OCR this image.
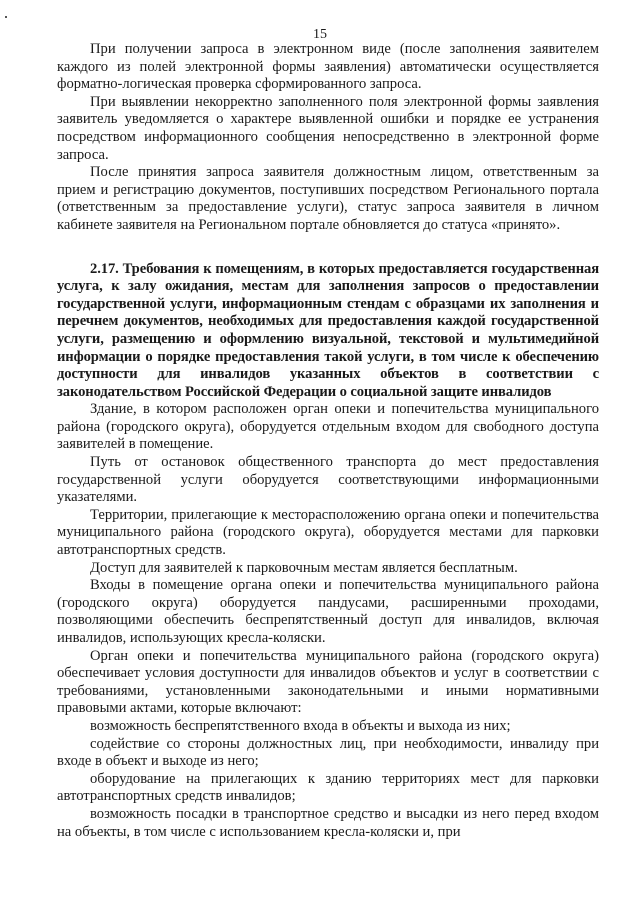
15

При получении запроса в электронном виде (после заполнения заявителем каждого из полей электронной формы заявления) автоматически осуществляется форматно-логическая проверка сформированного запроса.

При выявлении некорректно заполненного поля электронной формы заявления заявитель уведомляется о характере выявленной ошибки и порядке ее устранения посредством информационного сообщения непосредственно в электронной форме запроса.

После принятия запроса заявителя должностным лицом, ответственным за прием и регистрацию документов, поступивших посредством Регионального портала (ответственным за предоставление услуги), статус запроса заявителя в личном кабинете заявителя на Региональном портале обновляется до статуса «принято».

2.17. Требования к помещениям, в которых предоставляется государственная услуга, к залу ожидания, местам для заполнения запросов о предоставлении государственной услуги, информационным стендам с образцами их заполнения и перечнем документов, необходимых для предоставления каждой государственной услуги, размещению и оформлению визуальной, текстовой и мультимедийной информации о порядке предоставления такой услуги, в том числе к обеспечению доступности для инвалидов указанных объектов в соответствии с законодательством Российской Федерации о социальной защите инвалидов

Здание, в котором расположен орган опеки и попечительства муниципального района (городского округа), оборудуется отдельным входом для свободного доступа заявителей в помещение.

Путь от остановок общественного транспорта до мест предоставления государственной услуги оборудуется соответствующими информационными указателями.

Территории, прилегающие к месторасположению органа опеки и попечительства муниципального района (городского округа), оборудуется местами для парковки автотранспортных средств.

Доступ для заявителей к парковочным местам является бесплатным.

Входы в помещение органа опеки и попечительства муниципального района (городского округа) оборудуется пандусами, расширенными проходами, позволяющими обеспечить беспрепятственный доступ для инвалидов, включая инвалидов, использующих кресла-коляски.

Орган опеки и попечительства муниципального района (городского округа) обеспечивает условия доступности для инвалидов объектов и услуг в соответствии с требованиями, установленными законодательными и иными нормативными правовыми актами, которые включают:

возможность беспрепятственного входа в объекты и выхода из них;

содействие со стороны должностных лиц, при необходимости, инвалиду при входе в объект и выходе из него;

оборудование на прилегающих к зданию территориях мест для парковки автотранспортных средств инвалидов;

возможность посадки в транспортное средство и высадки из него перед входом на объекты, в том числе с использованием кресла-коляски и, при
